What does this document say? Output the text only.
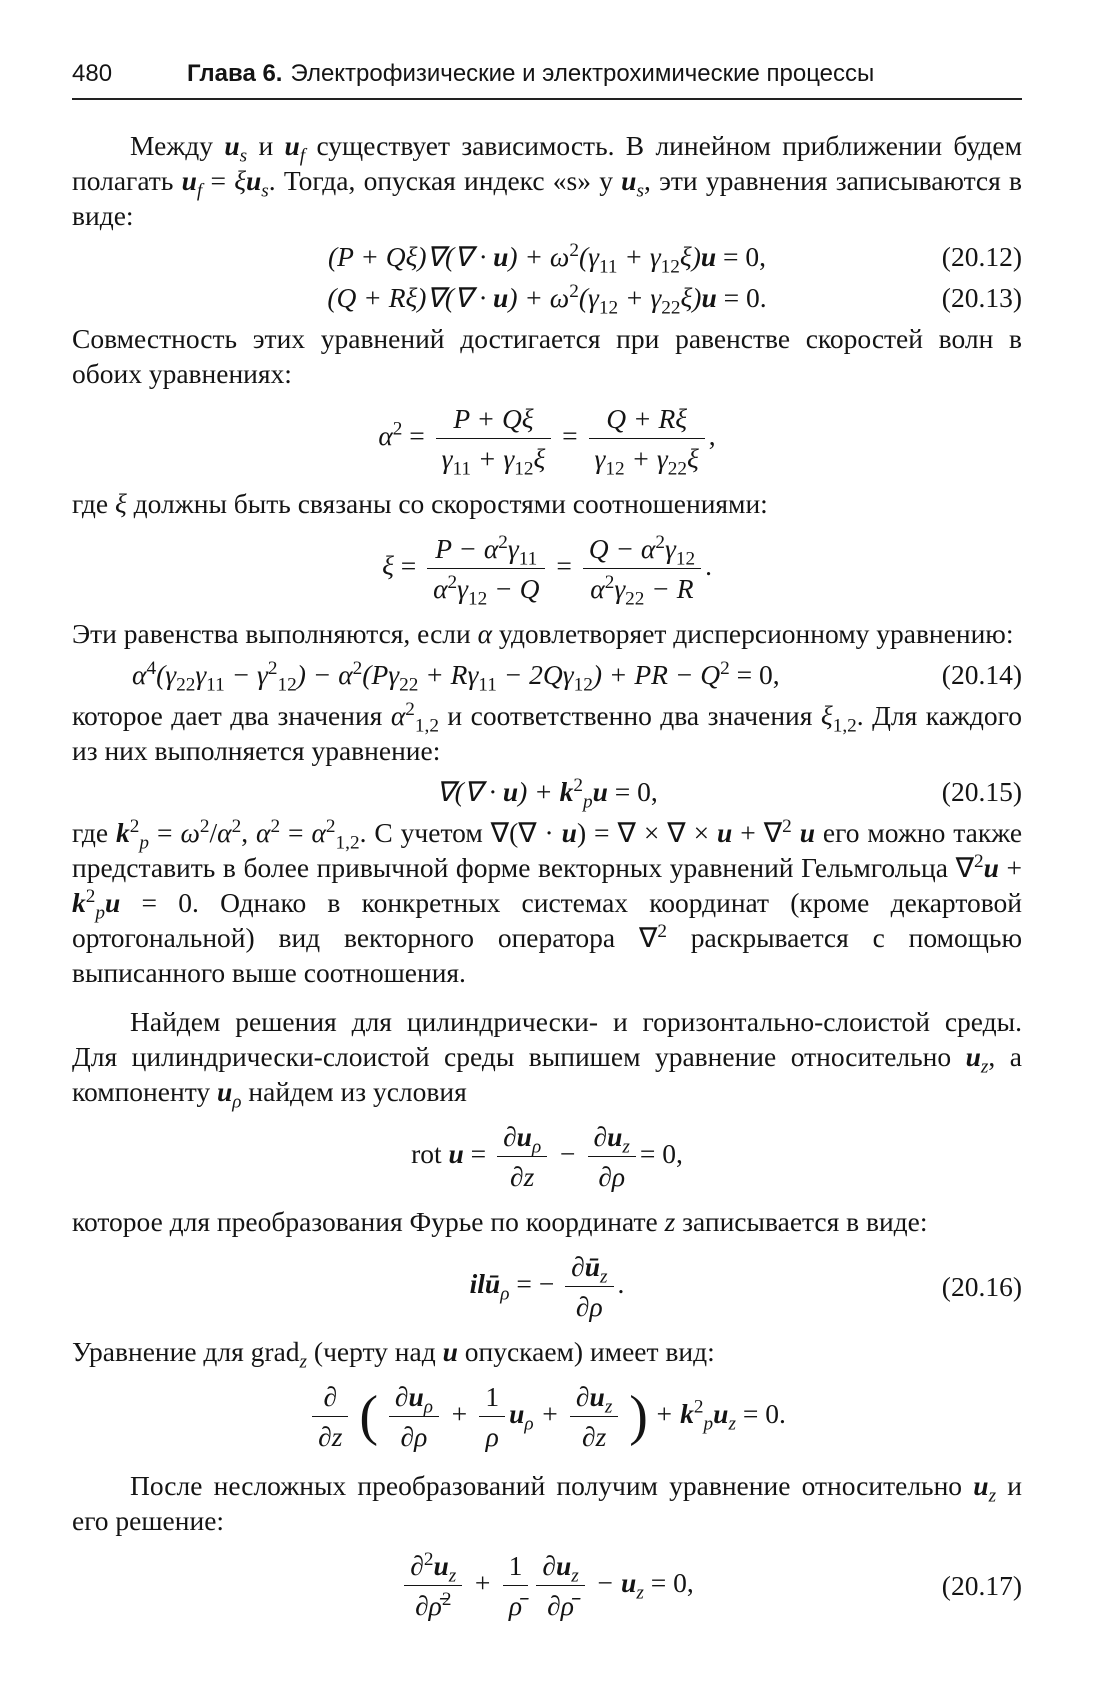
480	Глава 6. Электрофизические и электрохимические процессы

Между $u_s$ и $u_f$ существует зависимость. В линейном приближении будем полагать $u_f = \xi u_s$. Тогда, опуская индекс «s» у $u_s$, эти уравнения записываются в виде:

$(P + Q\xi)\nabla(\nabla \cdot u) + \omega^2(\gamma_{11} + \gamma_{12}\xi)u = 0$,	(20.12)
$(Q + R\xi)\nabla(\nabla \cdot u) + \omega^2(\gamma_{12} + \gamma_{22}\xi)u = 0$.	(20.13)

Совместность этих уравнений достигается при равенстве скоростей волн в обоих уравнениях:

$\alpha^2 = \frac{P + Q\xi}{\gamma_{11} + \gamma_{12}\xi} = \frac{Q + R\xi}{\gamma_{12} + \gamma_{22}\xi}$ ,

где ξ должны быть связаны со скоростями соотношениями:

$\xi = \frac{P - \alpha^2\gamma_{11}}{\alpha^2\gamma_{12} - Q} = \frac{Q - \alpha^2\gamma_{12}}{\alpha^2\gamma_{22} - R}$ .

Эти равенства выполняются, если α удовлетворяет дисперсионному уравнению:

$\alpha^4(\gamma_{22}\gamma_{11} - \gamma^2_{12}) - \alpha^2(P\gamma_{22} + R\gamma_{11} - 2Q\gamma_{12})$ + PR − $Q^2 = 0$,	(20.14)

которое дает два значения $\alpha^2_{1,2}$ и соответственно два значения $\xi_{1,2}$. Для каждого из них выполняется уравнение:

∇(∇ · $u) + k^2_pu = 0$,	(20.15)

где $k^2_p = \omega^2/\alpha^2$, $\alpha^2 = \alpha^2_{1,2}$. С учетом ∇(∇ · u) = ∇ × ∇ × u + ∇$^2$ u его можно также представить в более привычной форме векторных уравнений Гельмгольца $\nabla^2u + k^2_pu = 0$. Однако в конкретных системах координат (кроме декартовой ортогональной) вид векторного оператора ∇$^2$ раскрывается с помощью выписанного выше соотношения.

Найдем решения для цилиндрически- и горизонтально-слоистой среды. Для цилиндрически-слоистой среды выпишем уравнение относительно $u_z$, а компоненту $u_\rho$ найдем из условия

rot $u = \frac{\partial u_\rho}{\partial z} - \frac{\partial u_z}{\partial\rho} = 0$,

которое для преобразования Фурье по координате z записывается в виде:

ilū$_\rho$ = − $\frac{\partial ū_z}{\partial\rho}$ .	(20.16)

Уравнение для grad$_z$ (черту над u опускаем) имеет вид:

$\frac{\partial}{\partial z}$ ( $\frac{\partial u_\rho}{\partial\rho} + \frac{1}{\rho} u_\rho + \frac{\partial u_z}{\partial z}$ ) + $k^2_pu_z = 0$.

После несложных преобразований получим уравнение относительно $u_z$ и его решение:

$\frac{\partial^2u_z}{\partial\rhō^2} + \frac{1}{\rhō} \frac{\partial u_z}{\partial\rhō} - u_z = 0$,	(20.17)
